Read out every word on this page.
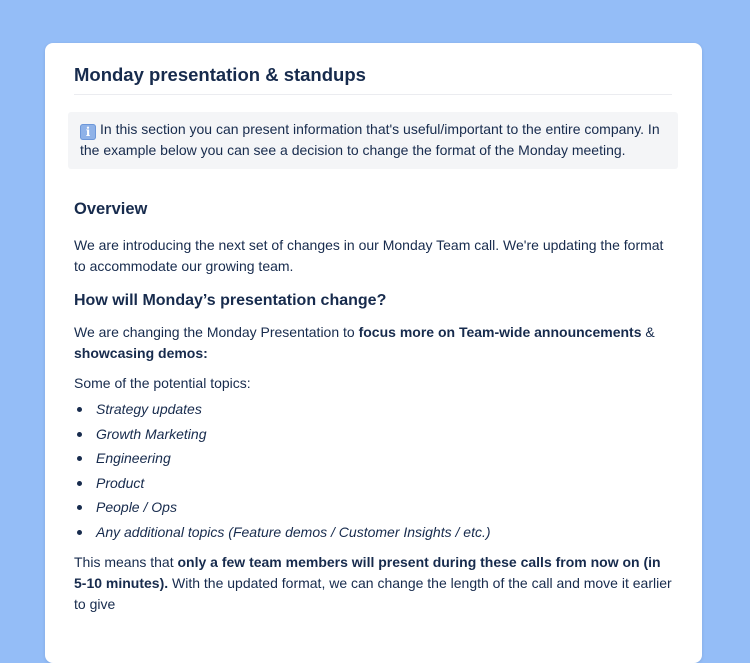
Monday presentation & standups
i In this section you can present information that's useful/important to the entire company. In the example below you can see a decision to change the format of the Monday meeting.
Overview

We are introducing the next set of changes in our Monday Team call. We're updating the format to accommodate our growing team.

How will Monday’s presentation change?

We are changing the Monday Presentation to focus more on Team-wide announcements & showcasing demos:

Some of the potential topics:

Strategy updates
Growth Marketing
Engineering
Product
People / Ops
Any additional topics (Feature demos / Customer Insights / etc.)

This means that only a few team members will present during these calls from now on (in 5-10 minutes). With the updated format, we can change the length of the call and move it earlier to give
